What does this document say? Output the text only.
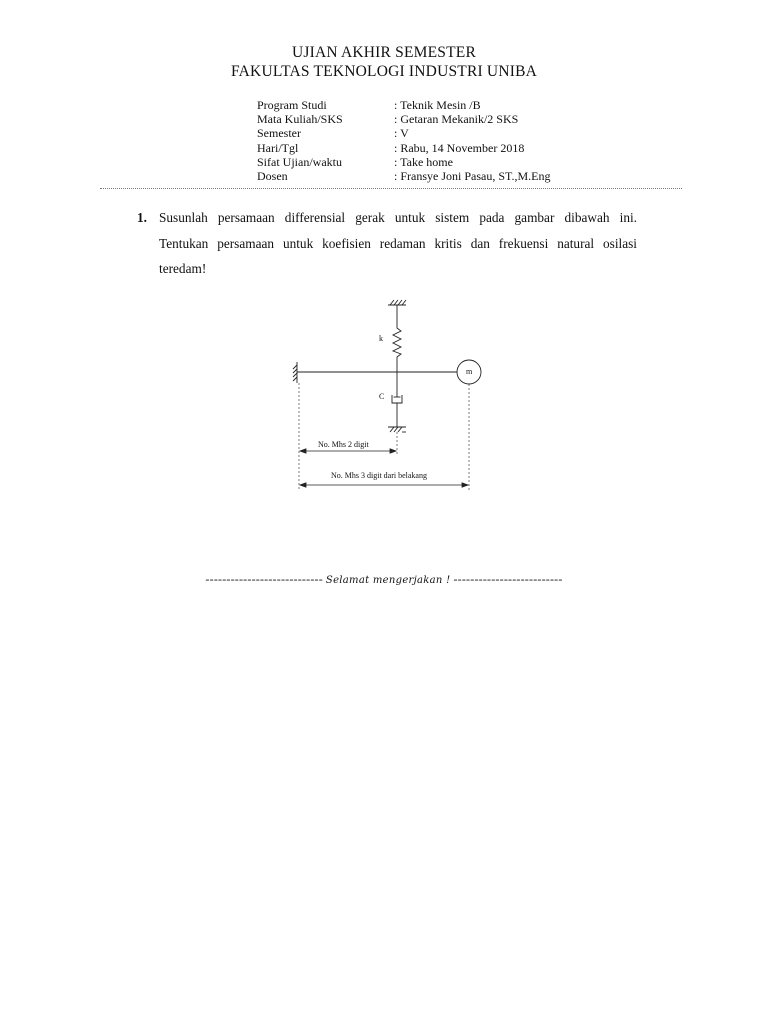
UJIAN AKHIR SEMESTER
FAKULTAS TEKNOLOGI INDUSTRI UNIBA
Program Studi	: Teknik Mesin /B
Mata Kuliah/SKS	: Getaran Mekanik/2 SKS
Semester	: V
Hari/Tgl	: Rabu, 14 November 2018
Sifat Ujian/waktu	: Take home
Dosen	: Fransye Joni Pasau, ST.,M.Eng
1. Susunlah persamaan differensial gerak untuk sistem pada gambar dibawah ini.
Tentukan persamaan untuk koefisien redaman kritis dan frekuensi natural osilasi
teredam!
k
m
C
No. Mhs 2 digit
No. Mhs 3 digit dari belakang
---------------------------- Selamat mengerjakan ! --------------------------
